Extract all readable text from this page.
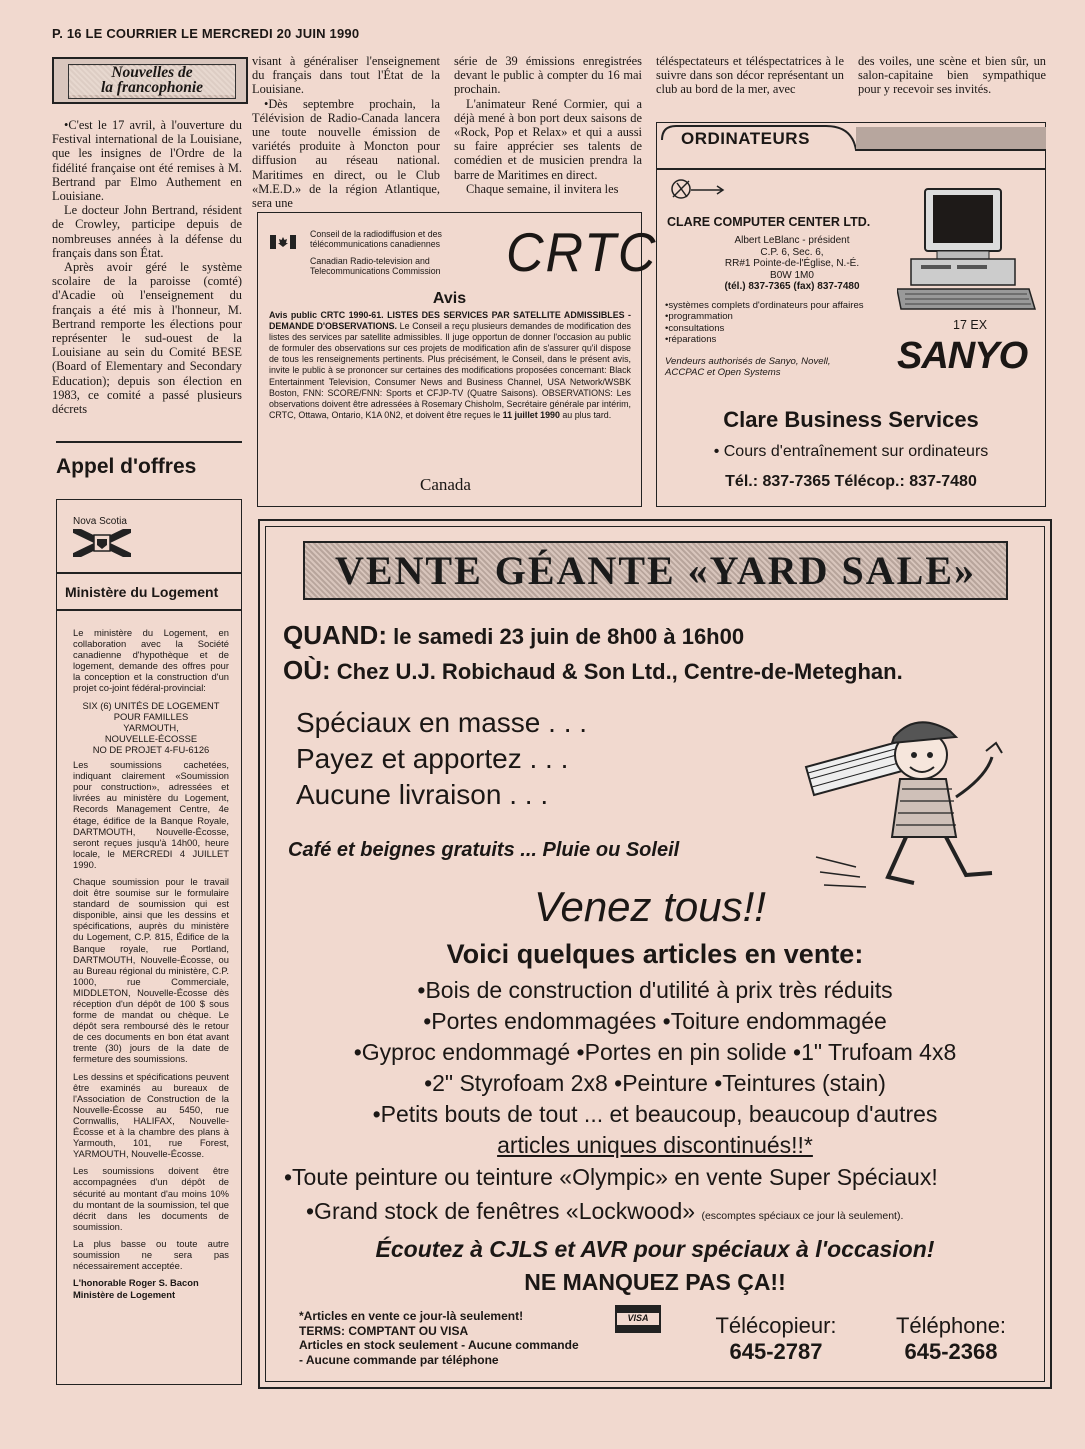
P. 16 LE COURRIER LE MERCREDI 20 JUIN 1990
Nouvelles de
la francophonie

•C'est le 17 avril, à l'ouverture du Festival international de la Louisiane, que les insignes de l'Ordre de la fidélité française ont été remises à M. Bertrand par Elmo Authement en Louisiane.

Le docteur John Bertrand, résident de Crowley, participe depuis de nombreuses années à la défense du français dans son État.

Après avoir géré le système scolaire de la paroisse (comté) d'Acadie où l'enseignement du français a été mis à l'honneur, M. Bertrand remporte les élections pour représenter le sud-ouest de la Louisiane au sein du Comité BESE (Board of Elementary and Secondary Education); depuis son élection en 1983, ce comité a passé plusieurs décrets

visant à généraliser l'enseignement du français dans tout l'État de la Louisiane.

•Dès septembre prochain, la Télévision de Radio-Canada lancera une toute nouvelle émission de variétés produite à Moncton pour diffusion au réseau national. Maritimes en direct, ou le Club «M.E.D.» de la région Atlantique, sera une

série de 39 émissions enregistrées devant le public à compter du 16 mai prochain.

L'animateur René Cormier, qui a déjà mené à bon port deux saisons de «Rock, Pop et Relax» et qui a aussi su faire apprécier ses talents de comédien et de musicien prendra la barre de Maritimes en direct.

Chaque semaine, il invitera les

téléspectateurs et téléspectatrices à le suivre dans son décor représentant un club au bord de la mer, avec

des voiles, une scène et bien sûr, un salon-capitaine bien sympathique pour y recevoir ses invités.

Appel d'offres
Nova Scotia
Ministère du Logement

Le ministère du Logement, en collaboration avec la Société canadienne d'hypothèque et de logement, demande des offres pour la conception et la construction d'un projet co-joint fédéral-provincial:

SIX (6) UNITÉS DE LOGEMENT
POUR FAMILLES
YARMOUTH,
NOUVELLE-ÉCOSSE
NO DE PROJET 4-FU-6126

Les soumissions cachetées, indiquant clairement «Soumission pour construction», adressées et livrées au ministère du Logement, Records Management Centre, 4e étage, édifice de la Banque Royale, DARTMOUTH, Nouvelle-Écosse, seront reçues jusqu'à 14h00, heure locale, le MERCREDI 4 JUILLET 1990.

Chaque soumission pour le travail doit être soumise sur le formulaire standard de soumission qui est disponible, ainsi que les dessins et spécifications, auprès du ministère du Logement, C.P. 815, Édifice de la Banque royale, rue Portland, DARTMOUTH, Nouvelle-Écosse, ou au Bureau régional du ministère, C.P. 1000, rue Commerciale, MIDDLETON, Nouvelle-Écosse dès réception d'un dépôt de 100 $ sous forme de mandat ou chèque. Le dépôt sera remboursé dès le retour de ces documents en bon état avant trente (30) jours de la date de fermeture des soumissions.

Les dessins et spécifications peuvent être examinés au bureaux de l'Association de Construction de la Nouvelle-Écosse au 5450, rue Cornwallis, HALIFAX, Nouvelle-Écosse et à la chambre des plans à Yarmouth, 101, rue Forest, YARMOUTH, Nouvelle-Écosse.

Les soumissions doivent être accompagnées d'un dépôt de sécurité au montant d'au moins 10% du montant de la soumission, tel que décrit dans les documents de soumission.

La plus basse ou toute autre soumission ne sera pas nécessairement acceptée.

L'honorable Roger S. Bacon
Ministère de Logement
Conseil de la radiodiffusion et des
télécommunications canadiennes
Canadian Radio-television and
Telecommunications Commission CRTC
Avis
Avis public CRTC 1990-61. LISTES DES SERVICES PAR SATELLITE ADMISSIBLES - DEMANDE D'OBSERVATIONS. Le Conseil a reçu plusieurs demandes de modification des listes des services par satellite admissibles. Il juge opportun de donner l'occasion au public de formuler des observations sur ces projets de modification afin de s'assurer qu'il dispose de tous les renseignements pertinents. Plus précisément, le Conseil, dans le présent avis, invite le public à se prononcer sur certaines des modifications proposées concernant: Black Entertainment Television, Consumer News and Business Channel, USA Network/WSBK Boston, FNN: SCORE/FNN: Sports et CFJP-TV (Quatre Saisons). OBSERVATIONS: Les observations doivent être adressées à Rosemary Chisholm, Secrétaire générale par intérim, CRTC, Ottawa, Ontario, K1A 0N2, et doivent être reçues le 11 juillet 1990 au plus tard.
Canada
ORDINATEURS
CLARE COMPUTER CENTER LTD.
Albert LeBlanc - président
C.P. 6, Sec. 6,
RR#1 Pointe-de-l'Église, N.-É.
B0W 1M0
(tél.) 837-7365 (fax) 837-7480
•systèmes complets d'ordinateurs pour affaires
•programmation
•consultations
•réparations
Vendeurs authorisés de Sanyo, Novell, ACCPAC et Open Systems
17 EX
SANYO
Clare Business Services
• Cours d'entraînement sur ordinateurs
Tél.: 837-7365 Télécop.: 837-7480
VENTE GÉANTE «YARD SALE»
QUAND: le samedi 23 juin de 8h00 à 16h00
OÙ: Chez U.J. Robichaud & Son Ltd., Centre-de-Meteghan.
Spéciaux en masse . . .
Payez et apportez . . .
Aucune livraison . . .
Café et beignes gratuits ... Pluie ou Soleil
Venez tous!!
Voici quelques articles en vente:
•Bois de construction d'utilité à prix très réduits
•Portes endommagées •Toiture endommagée
•Gyproc endommagé •Portes en pin solide •1" Trufoam 4x8
•2" Styrofoam 2x8 •Peinture •Teintures (stain)
•Petits bouts de tout ... et beaucoup, beaucoup d'autres
articles uniques discontinués!!*
•Toute peinture ou teinture «Olympic» en vente Super Spéciaux!
•Grand stock de fenêtres «Lockwood» (escomptes spéciaux ce jour là seulement).
Écoutez à CJLS et AVR pour spéciaux à l'occasion!
NE MANQUEZ PAS ÇA!!
*Articles en vente ce jour-là seulement!
TERMS: COMPTANT OU VISA
Articles en stock seulement - Aucune commande
- Aucune commande par téléphone
VISA	Télécopieur:
645-2787
Téléphone:
645-2368
